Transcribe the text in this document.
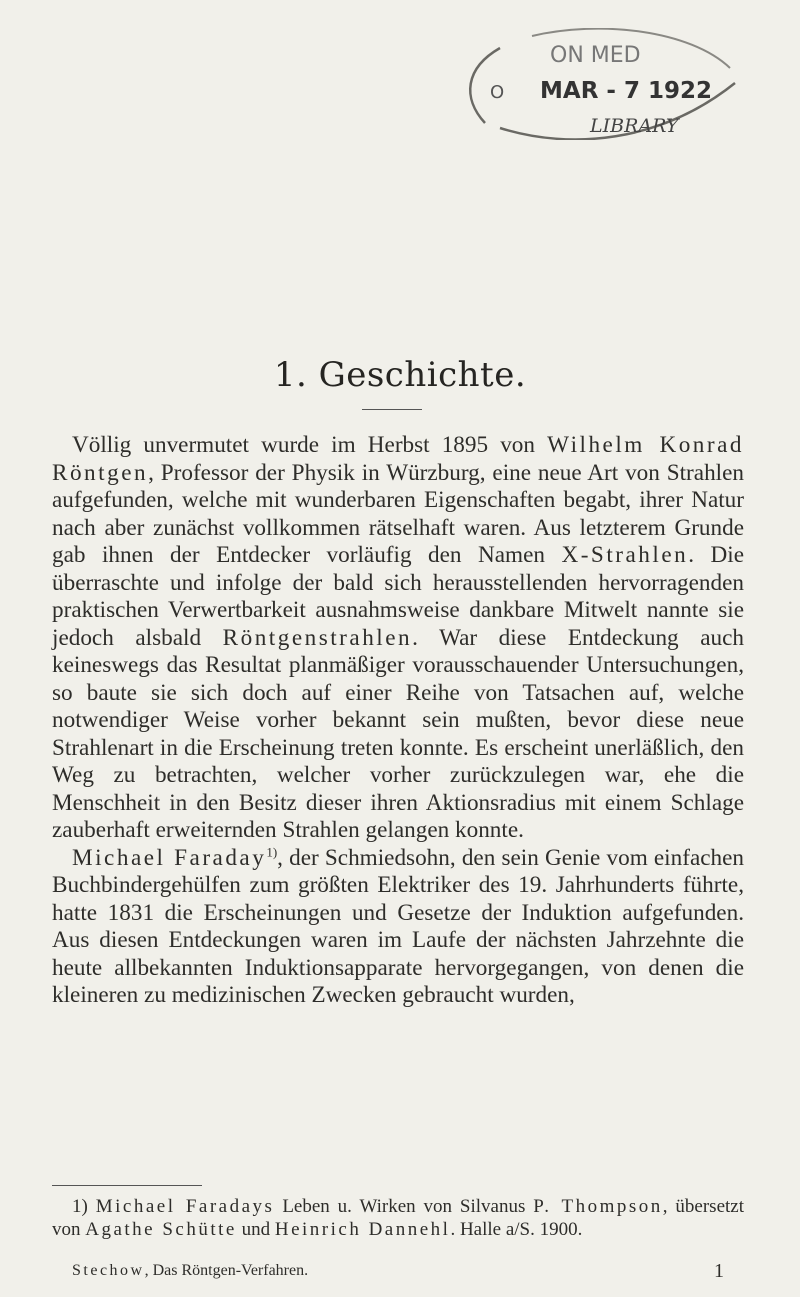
ON MED
O MAR - 7 1922
LIBRARY
1. Geschichte.

Völlig unvermutet wurde im Herbst 1895 von Wilhelm Konrad Röntgen, Professor der Physik in Würzburg, eine neue Art von Strahlen aufgefunden, welche mit wunderbaren Eigenschaften begabt, ihrer Natur nach aber zunächst vollkommen rätselhaft waren. Aus letzterem Grunde gab ihnen der Entdecker vorläufig den Namen X-Strahlen. Die überraschte und infolge der bald sich herausstellenden hervorragenden praktischen Verwertbarkeit ausnahmsweise dankbare Mitwelt nannte sie jedoch alsbald Röntgenstrahlen. War diese Entdeckung auch keineswegs das Resultat planmäßiger vorausschauender Untersuchungen, so baute sie sich doch auf einer Reihe von Tatsachen auf, welche notwendiger Weise vorher bekannt sein mußten, bevor diese neue Strahlenart in die Erscheinung treten konnte. Es erscheint unerläßlich, den Weg zu betrachten, welcher vorher zurückzulegen war, ehe die Menschheit in den Besitz dieser ihren Aktionsradius mit einem Schlage zauberhaft erweiternden Strahlen gelangen konnte.

Michael Faraday$^{1)}$, der Schmiedsohn, den sein Genie vom einfachen Buchbindergehülfen zum größten Elektriker des 19. Jahrhunderts führte, hatte 1831 die Erscheinungen und Gesetze der Induktion aufgefunden. Aus diesen Entdeckungen waren im Laufe der nächsten Jahrzehnte die heute allbekannten Induktionsapparate hervorgegangen, von denen die kleineren zu medizinischen Zwecken gebraucht wurden,

1) Michael Faradays Leben u. Wirken von Silvanus P. Thompson, übersetzt von Agathe Schütte und Heinrich Dannehl. Halle a/S. 1900.

Stechow, Das Röntgen-Verfahren.	1
